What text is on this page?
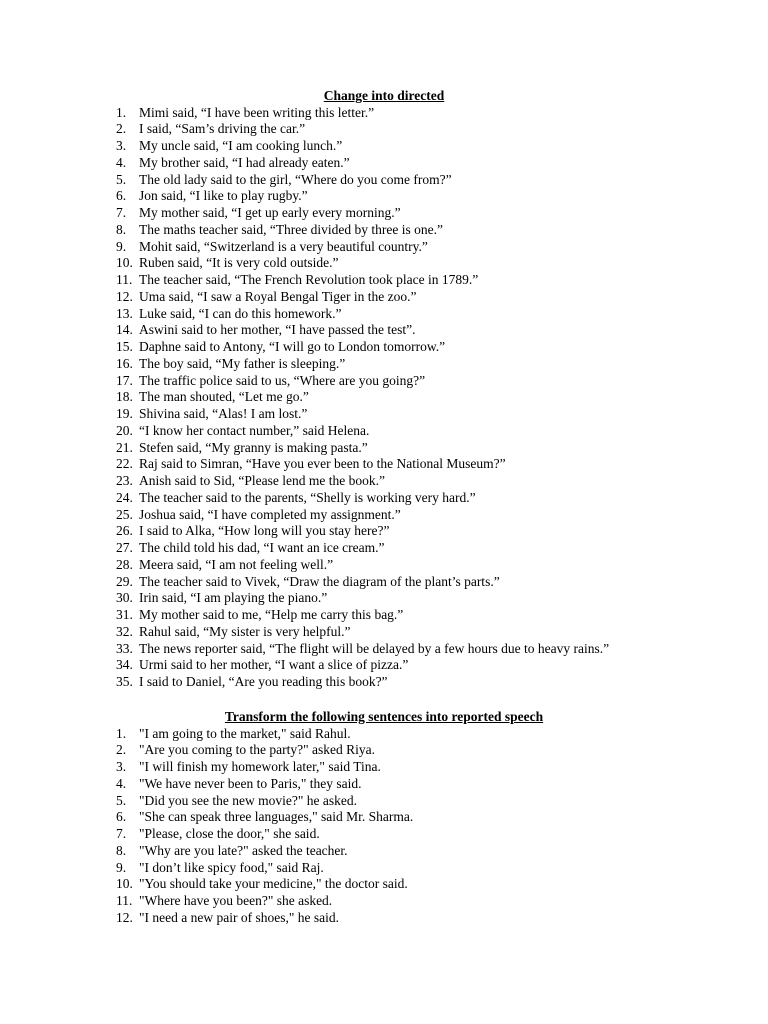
Change into directed
1. Mimi said, “I have been writing this letter.”
2. I said, “Sam’s driving the car.”
3. My uncle said, “I am cooking lunch.”
4. My brother said, “I had already eaten.”
5. The old lady said to the girl, “Where do you come from?”
6. Jon said, “I like to play rugby.”
7. My mother said, “I get up early every morning.”
8. The maths teacher said, “Three divided by three is one.”
9. Mohit said, “Switzerland is a very beautiful country.”
10. Ruben said, “It is very cold outside.”
11. The teacher said, “The French Revolution took place in 1789.”
12. Uma said, “I saw a Royal Bengal Tiger in the zoo.”
13. Luke said, “I can do this homework.”
14. Aswini said to her mother, “I have passed the test”.
15. Daphne said to Antony, “I will go to London tomorrow.”
16. The boy said, “My father is sleeping.”
17. The traffic police said to us, “Where are you going?”
18. The man shouted, “Let me go.”
19. Shivina said, “Alas! I am lost.”
20. “I know her contact number,” said Helena.
21. Stefen said, “My granny is making pasta.”
22. Raj said to Simran, “Have you ever been to the National Museum?”
23. Anish said to Sid, “Please lend me the book.”
24. The teacher said to the parents, “Shelly is working very hard.”
25. Joshua said, “I have completed my assignment.”
26. I said to Alka, “How long will you stay here?”
27. The child told his dad, “I want an ice cream.”
28. Meera said, “I am not feeling well.”
29. The teacher said to Vivek, “Draw the diagram of the plant’s parts.”
30. Irin said, “I am playing the piano.”
31. My mother said to me, “Help me carry this bag.”
32. Rahul said, “My sister is very helpful.”
33. The news reporter said, “The flight will be delayed by a few hours due to heavy rains.”
34. Urmi said to her mother, “I want a slice of pizza.”
35. I said to Daniel, “Are you reading this book?”
Transform the following sentences into reported speech
1. "I am going to the market," said Rahul.
2. "Are you coming to the party?" asked Riya.
3. "I will finish my homework later," said Tina.
4. "We have never been to Paris," they said.
5. "Did you see the new movie?" he asked.
6. "She can speak three languages," said Mr. Sharma.
7. "Please, close the door," she said.
8. "Why are you late?" asked the teacher.
9. "I don’t like spicy food," said Raj.
10. "You should take your medicine," the doctor said.
11. "Where have you been?" she asked.
12. "I need a new pair of shoes," he said.
